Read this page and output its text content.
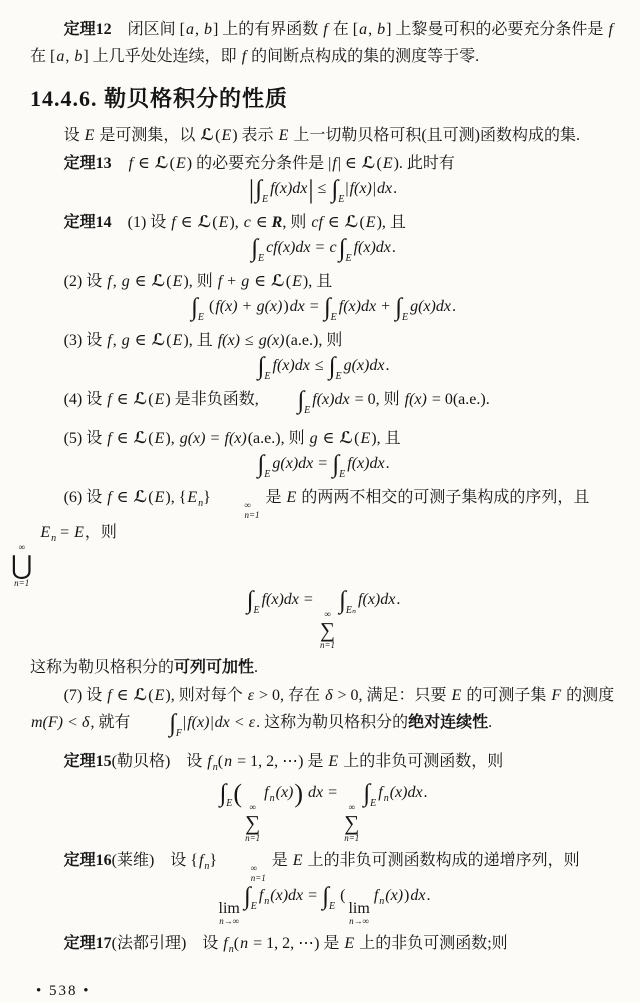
定理12　闭区间 [a, b] 上的有界函数 f 在 [a, b] 上黎曼可积的必要充分条件是 f 在 [a, b] 上几乎处处连续，即 f 的间断点构成的集的测度等于零.
14.4.6. 勒贝格积分的性质
设 E 是可测集，以 ℒ(E) 表示 E 上一切勒贝格可积(且可测)函数构成的集.
定理13　 f ∈ ℒ(E) 的必要充分条件是 |f| ∈ ℒ(E). 此时有
$|\int_Ef(x)dx| \le \int_E|f(x)|dx$.
定理14　(1) 设 f ∈ ℒ(E), c ∈ R, 则 cf ∈ ℒ(E), 且
$\int_Ecf(x)dx = c\int_Ef(x)dx$.
(2) 设 f, g ∈ ℒ(E), 则 f + g ∈ ℒ(E), 且
$\int_E$ $(f(x) + g(x))dx = \int_Ef(x)dx + \int_Eg(x)dx$.
(3) 设 f, g ∈ ℒ(E), 且 f(x) ≤ g(x)(a.e.), 则
$\int_Ef(x)dx \le \int_Eg(x)dx$.
(4) 设 f ∈ ℒ(E) 是非负函数, $\int_Ef(x)dx = 0$, 则 f(x) = 0(a.e.).
(5) 设 f ∈ ℒ(E), g(x) = f(x)(a.e.), 则 g ∈ ℒ(E), 且
$\int_Eg(x)dx = \int_Ef(x)dx$.
(6) 设 f ∈ ℒ(E), $\{E_n\}$	∞
n=1
是 E 的两两不相交的可测子集构成的序列，且
∞
⋃
n=1
$E_n = E$，则
$\int_Ef(x)dx$ =
∞
∑
n=1
$\int_{E_n}f(x)dx$.
这称为勒贝格积分的可列可加性.
(7) 设 f ∈ ℒ(E), 则对每个 ε > 0, 存在 δ > 0, 满足：只要 E 的可测子集 F 的测度 m(F) < δ, 就有 $\int_F|f(x)|dx < \varepsilon$. 这称为勒贝格积分的绝对连续性.
定理15(勒贝格)　设 $f_n(n = 1$, 2, ⋯) 是 E 上的非负可测函数，则
$\int_E$( ∞
∑
n=1
$f_n(x)$) dx =
∞
∑
n=1
$\int_Ef_n(x)dx$.
定理16(莱维)　设 $\{f_n\}$	∞
n=1
是 E 上的非负可测函数构成的递增序列，则
lim
n→∞
$\int_Ef_n(x)dx = \int_E$ (
lim
n→∞
$f_n(x))dx$.
定理17(法都引理)　设 $f_n(n = 1$, 2, ⋯) 是 E 上的非负可测函数;则
• 538 •
